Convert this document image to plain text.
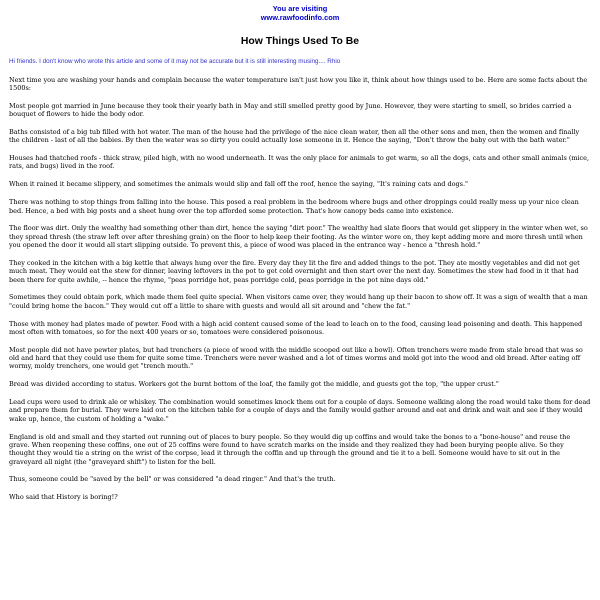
You are visiting
www.rawfoodinfo.com
How Things Used To Be

Hi friends. I don't know who wrote this article and some of it may not be accurate but it is still interesting musing.... Rhio

Next time you are washing your hands and complain because the water temperature isn't just how you like it, think about how things used to be. Here are some facts about the 1500s:

Most people got married in June because they took their yearly bath in May and still smelled pretty good by June. However, they were starting to smell, so brides carried a bouquet of flowers to hide the body odor.

Baths consisted of a big tub filled with hot water. The man of the house had the privilege of the nice clean water, then all the other sons and men, then the women and finally the children - last of all the babies. By then the water was so dirty you could actually lose someone in it. Hence the saying, "Don't throw the baby out with the bath water."

Houses had thatched roofs - thick straw, piled high, with no wood underneath. It was the only place for animals to get warm, so all the dogs, cats and other small animals (mice, rats, and bugs) lived in the roof.

When it rained it became slippery, and sometimes the animals would slip and fall off the roof, hence the saying, "It's raining cats and dogs."

There was nothing to stop things from falling into the house. This posed a real problem in the bedroom where bugs and other droppings could really mess up your nice clean bed. Hence, a bed with big posts and a sheet hung over the top afforded some protection. That's how canopy beds came into existence.

The floor was dirt. Only the wealthy had something other than dirt, hence the saying "dirt poor." The wealthy had slate floors that would get slippery in the winter when wet, so they spread thresh (the straw left over after threshing grain) on the floor to help keep their footing. As the winter wore on, they kept adding more and more thresh until when you opened the door it would all start slipping outside. To prevent this, a piece of wood was placed in the entrance way - hence a "thresh hold."

They cooked in the kitchen with a big kettle that always hung over the fire. Every day they lit the fire and added things to the pot. They ate mostly vegetables and did not get much meat. They would eat the stew for dinner, leaving leftovers in the pot to get cold overnight and then start over the next day. Sometimes the stew had food in it that had been there for quite awhile, -- hence the rhyme, "peas porridge hot, peas porridge cold, peas porridge in the pot nine days old."

Sometimes they could obtain pork, which made them feel quite special. When visitors came over, they would hang up their bacon to show off. It was a sign of wealth that a man "could bring home the bacon." They would cut off a little to share with guests and would all sit around and "chew the fat."

Those with money had plates made of pewter. Food with a high acid content caused some of the lead to leach on to the food, causing lead poisoning and death. This happened most often with tomatoes, so for the next 400 years or so, tomatoes were considered poisonous.

Most people did not have pewter plates, but had trenchers (a piece of wood with the middle scooped out like a bowl). Often trenchers were made from stale bread that was so old and hard that they could use them for quite some time. Trenchers were never washed and a lot of times worms and mold got into the wood and old bread. After eating off wormy, moldy trenchers, one would get "trench mouth."

Bread was divided according to status. Workers got the burnt bottom of the loaf, the family got the middle, and guests got the top, "the upper crust."

Lead cups were used to drink ale or whiskey. The combination would sometimes knock them out for a couple of days. Someone walking along the road would take them for dead and prepare them for burial. They were laid out on the kitchen table for a couple of days and the family would gather around and eat and drink and wait and see if they would wake up, hence, the custom of holding a "wake."

England is old and small and they started out running out of places to bury people. So they would dig up coffins and would take the bones to a "bone-house" and reuse the grave. When reopening these coffins, one out of 25 coffins were found to have scratch marks on the inside and they realized they had been burying people alive. So they thought they would tie a string on the wrist of the corpse, lead it through the coffin and up through the ground and tie it to a bell. Someone would have to sit out in the graveyard all night (the "graveyard shift") to listen for the bell.

Thus, someone could be "saved by the bell" or was considered "a dead ringer." And that's the truth.

Who said that History is boring!?
